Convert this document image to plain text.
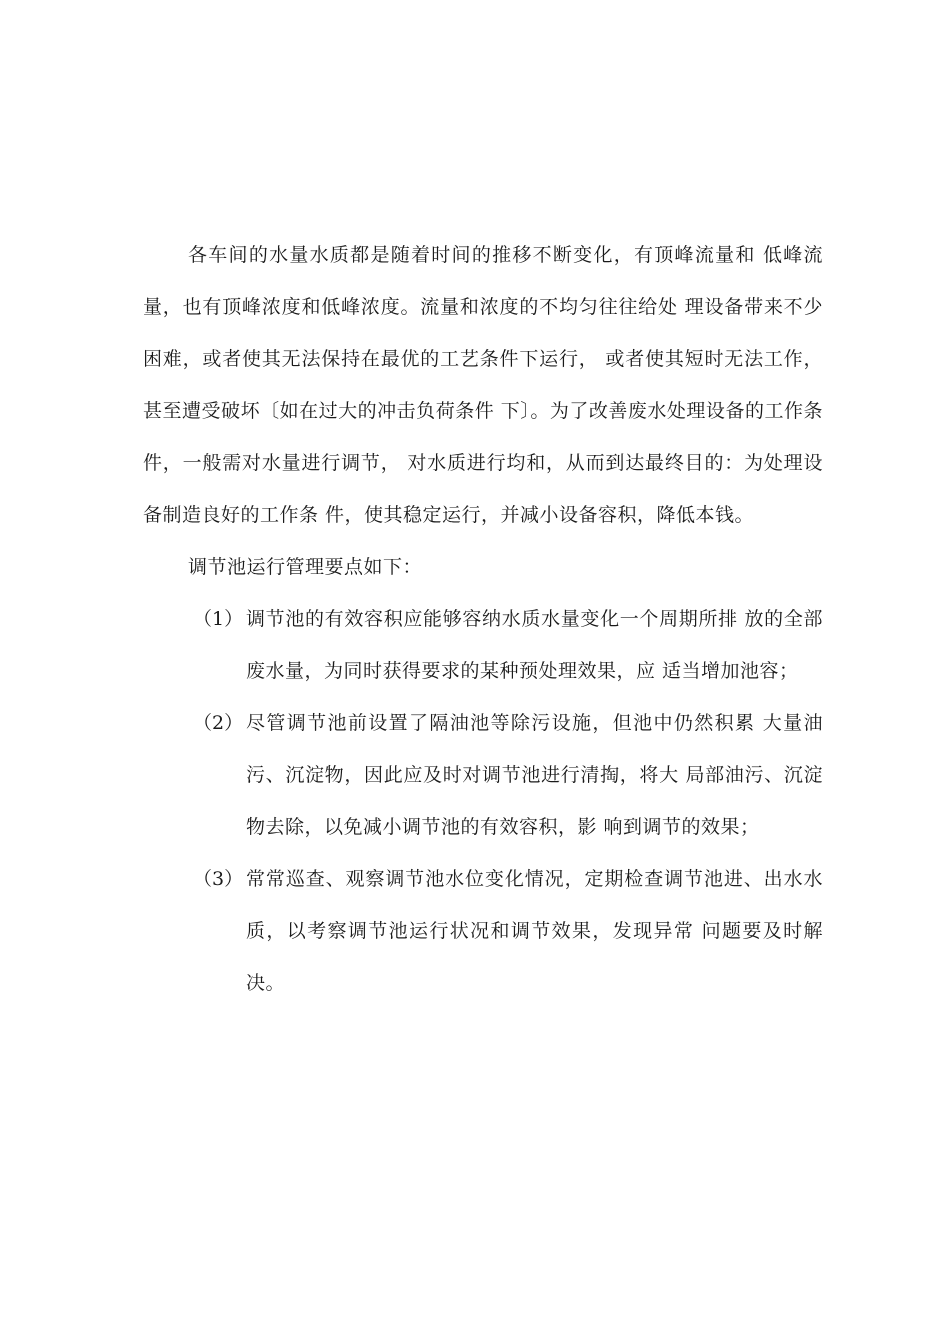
各车间的水量水质都是随着时间的推移不断变化，有顶峰流量和 低峰流量，也有顶峰浓度和低峰浓度。流量和浓度的不均匀往往给处 理设备带来不少困难，或者使其无法保持在最优的工艺条件下运行， 或者使其短时无法工作，甚至遭受破坏〔如在过大的冲击负荷条件 下〕。为了改善废水处理设备的工作条件，一般需对水量进行调节， 对水质进行均和，从而到达最终目的：为处理设备制造良好的工作条 件，使其稳定运行，并减小设备容积，降低本钱。

调节池运行管理要点如下：

（1） 调节池的有效容积应能够容纳水质水量变化一个周期所排 放的全部废水量，为同时获得要求的某种预处理效果，应 适当增加池容；
（2） 尽管调节池前设置了隔油池等除污设施，但池中仍然积累 大量油污、沉淀物，因此应及时对调节池进行清掏，将大 局部油污、沉淀物去除，以免减小调节池的有效容积，影 响到调节的效果；
（3） 常常巡查、观察调节池水位变化情况，定期检查调节池进、出水水质，以考察调节池运行状况和调节效果，发现异常 问题要及时解决。
